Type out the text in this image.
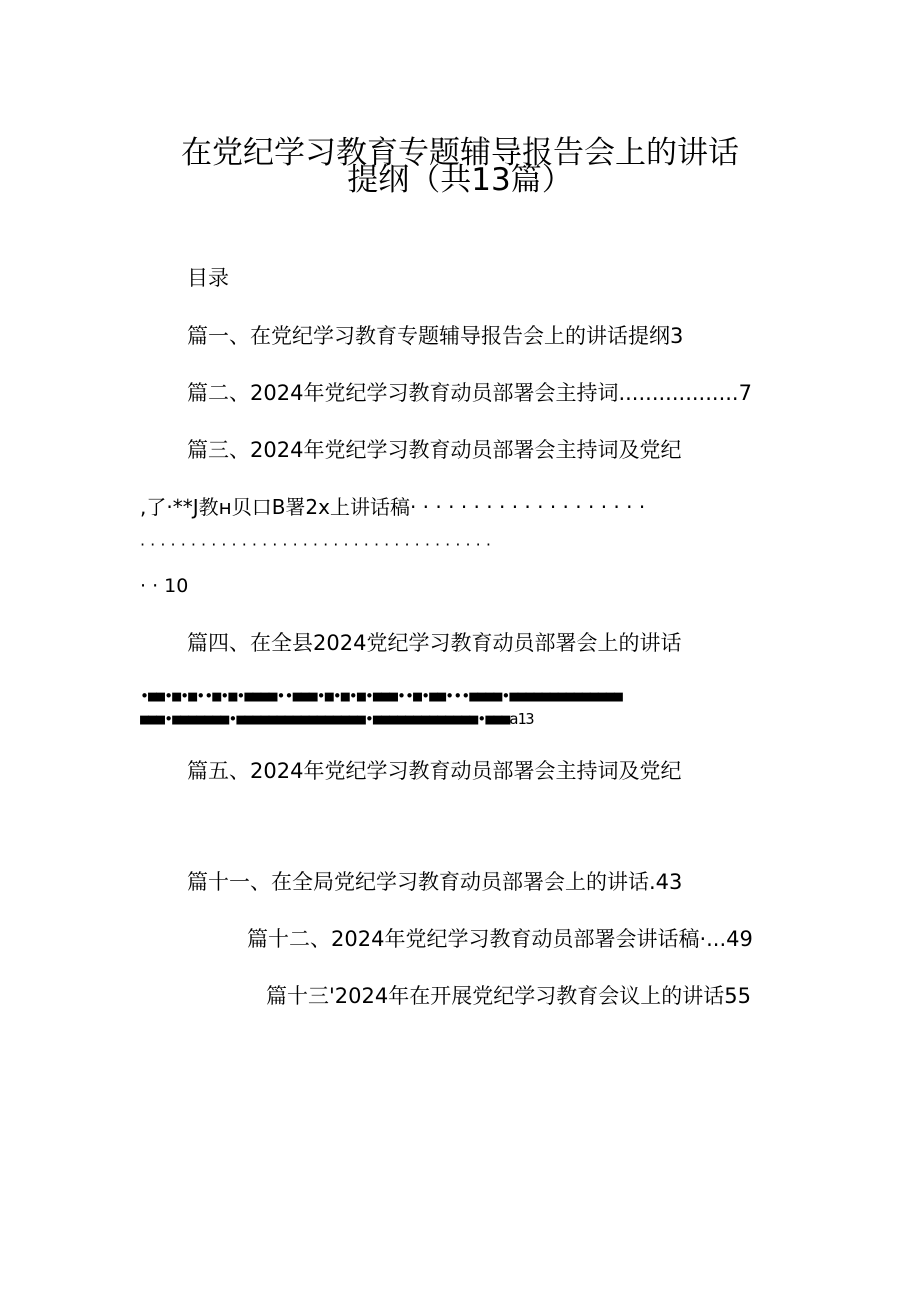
在党纪学习教育专题辅导报告会上的讲话
提纲（共13篇）
目录
篇一、在党纪学习教育专题辅导报告会上的讲话提纲3
篇二、2024年党纪学习教育动员部署会主持词..................7
篇三、2024年党纪学习教育动员部署会主持词及党纪
,了·**J教н贝口B署2x上讲话稿· · · · · · · · · · · · · · · · · · ·
· · · · · · · · · · · · · · · · · · · · · · · · · · · · · · · · · · ·
· · 10
篇四、在全县2024党纪学习教育动员部署会上的讲话
•■■•■•■••■•■•■■■■••■■■•■•■•■•■■■••■•■■•••■■■■•■■■■■■■■■■■■■■
■■■•■■■■■■■•■■■■■■■■■■■■■■■■•■■■■■■■■■■■■■•■■■a13
篇五、2024年党纪学习教育动员部署会主持词及党纪
篇十一、在全局党纪学习教育动员部署会上的讲话.43
篇十二、2024年党纪学习教育动员部署会讲话稿·...49
篇十三'2024年在开展党纪学习教育会议上的讲话55
